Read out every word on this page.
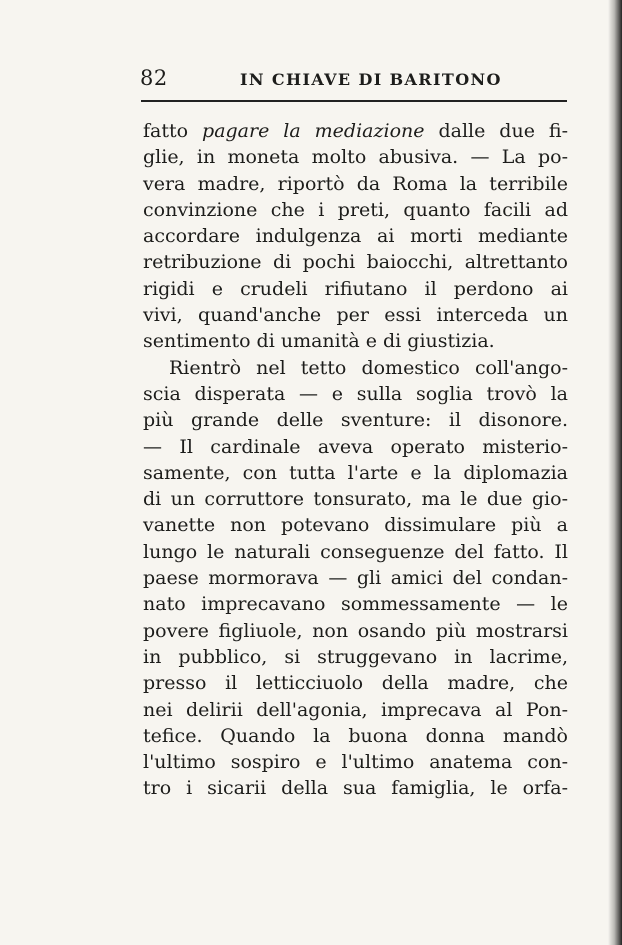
82	IN CHIAVE DI BARITONO
fatto pagare la mediazione dalle due fi-
glie, in moneta molto abusiva. — La po-
vera madre, riportò da Roma la terribile
convinzione che i preti, quanto facili ad
accordare indulgenza ai morti mediante
retribuzione di pochi baiocchi, altrettanto
rigidi e crudeli rifiutano il perdono ai
vivi, quand'anche per essi interceda un
sentimento di umanità e di giustizia.
Rientrò nel tetto domestico coll'ango-
scia disperata — e sulla soglia trovò la
più grande delle sventure: il disonore.
— Il cardinale aveva operato misterio-
samente, con tutta l'arte e la diplomazia
di un corruttore tonsurato, ma le due gio-
vanette non potevano dissimulare più a
lungo le naturali conseguenze del fatto. Il
paese mormorava — gli amici del condan-
nato imprecavano sommessamente — le
povere figliuole, non osando più mostrarsi
in pubblico, si struggevano in lacrime,
presso il letticciuolo della madre, che
nei delirii dell'agonia, imprecava al Pon-
tefice. Quando la buona donna mandò
l'ultimo sospiro e l'ultimo anatema con-
tro i sicarii della sua famiglia, le orfa-
